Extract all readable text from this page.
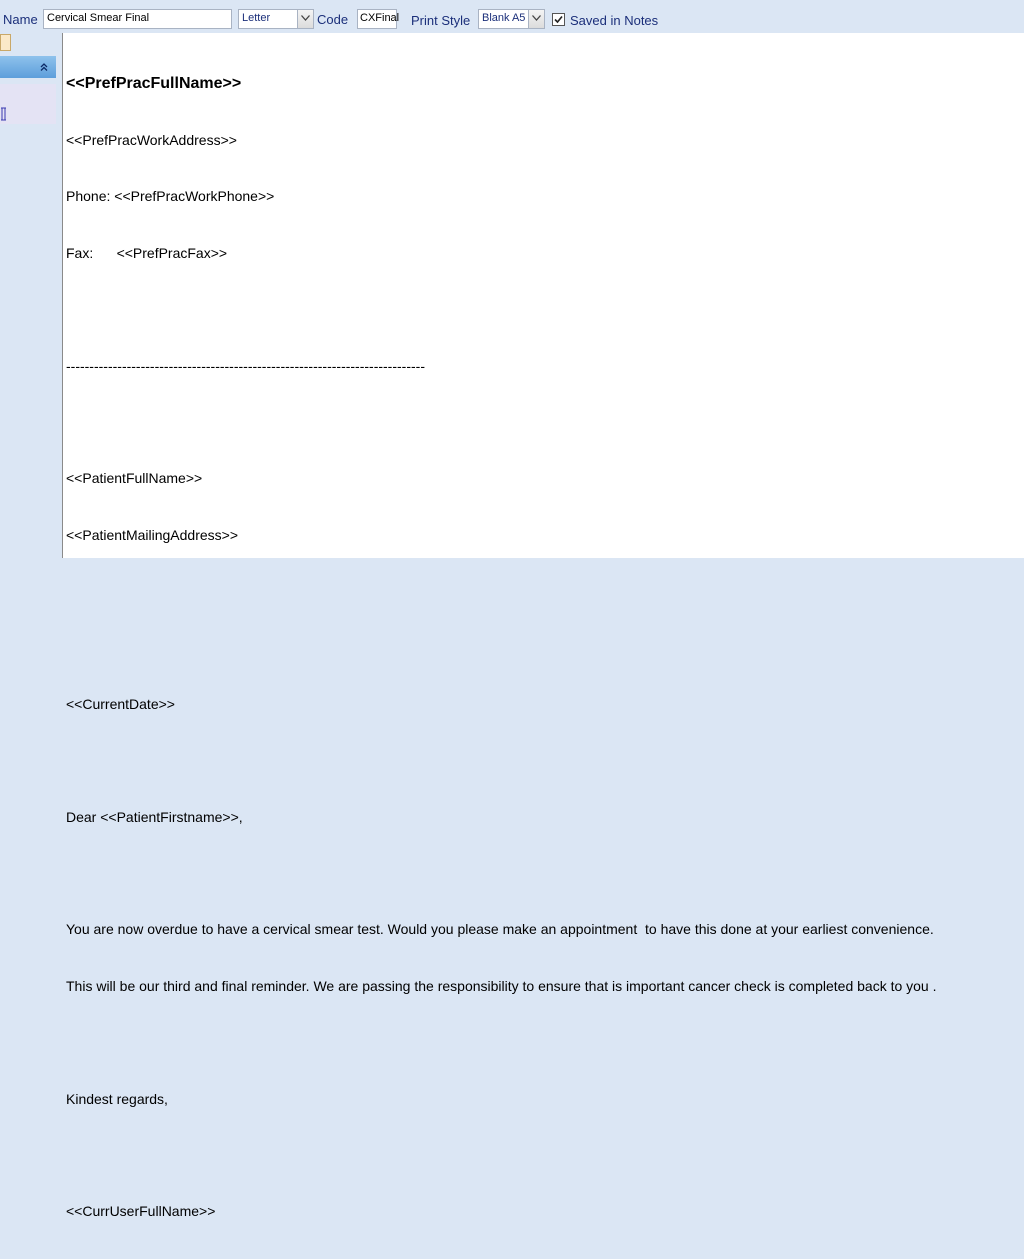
Name Cervical Smear Final	Letter	Code CXFinal Print Style Blank A5	Saved in Notes

<<PrefPracFullName>>

<<PrefPracWorkAddress>>

Phone: <<PrefPracWorkPhone>>

Fax:      <<PrefPracFax>>

-----------------------------------------------------------------------------

<<PatientFullName>>

<<PatientMailingAddress>>

<<CurrentDate>>

Dear <<PatientFirstname>>,

You are now overdue to have a cervical smear test. Would you please make an appointment  to have this done at your earliest convenience.

This will be our third and final reminder. We are passing the responsibility to ensure that is important cancer check is completed back to you .

Kindest regards,

<<CurrUserFullName>>
